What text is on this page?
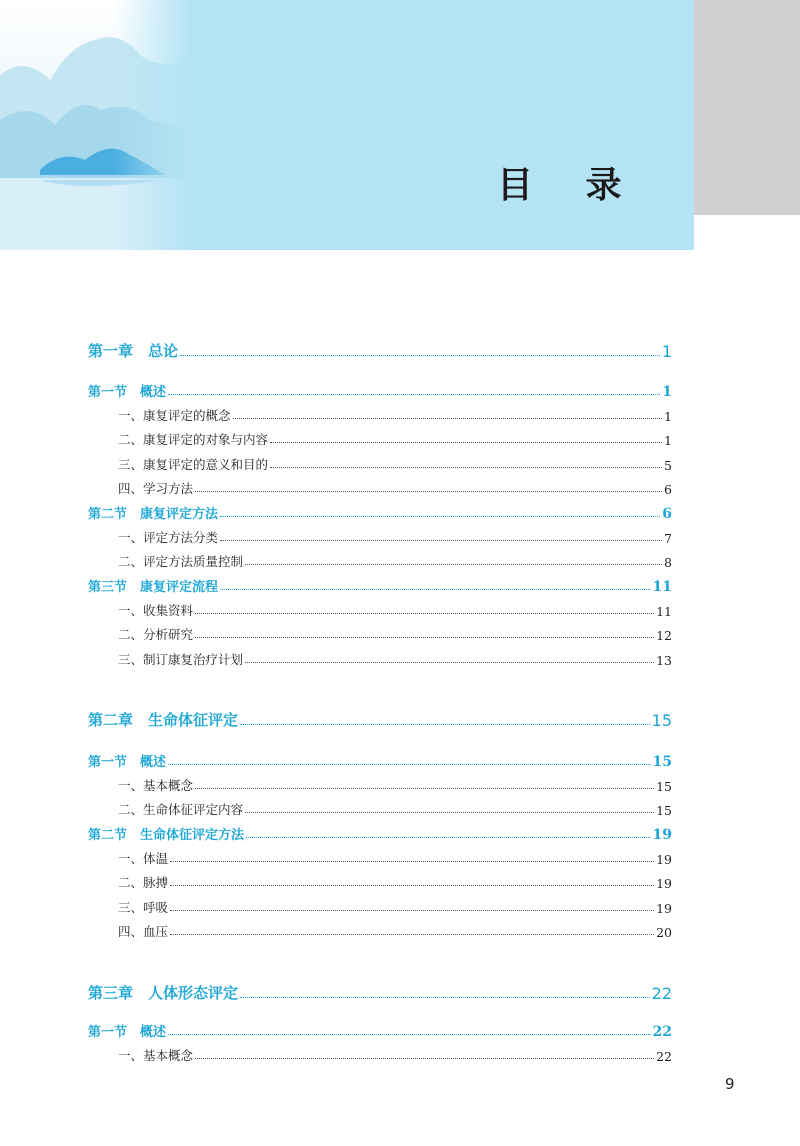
目 录
第一章　总论	1
第一节　概述	1
一、康复评定的概念	1
二、康复评定的对象与内容	1
三、康复评定的意义和目的	5
四、学习方法	6
第二节　康复评定方法	6
一、评定方法分类	7
二、评定方法质量控制	8
第三节　康复评定流程	11
一、收集资料	11
二、分析研究	12
三、制订康复治疗计划	13
第二章　生命体征评定	15
第一节　概述	15
一、基本概念	15
二、生命体征评定内容	15
第二节　生命体征评定方法	19
一、体温	19
二、脉搏	19
三、呼吸	19
四、血压	20
第三章　人体形态评定	22
第一节　概述	22
一、基本概念	22
9
